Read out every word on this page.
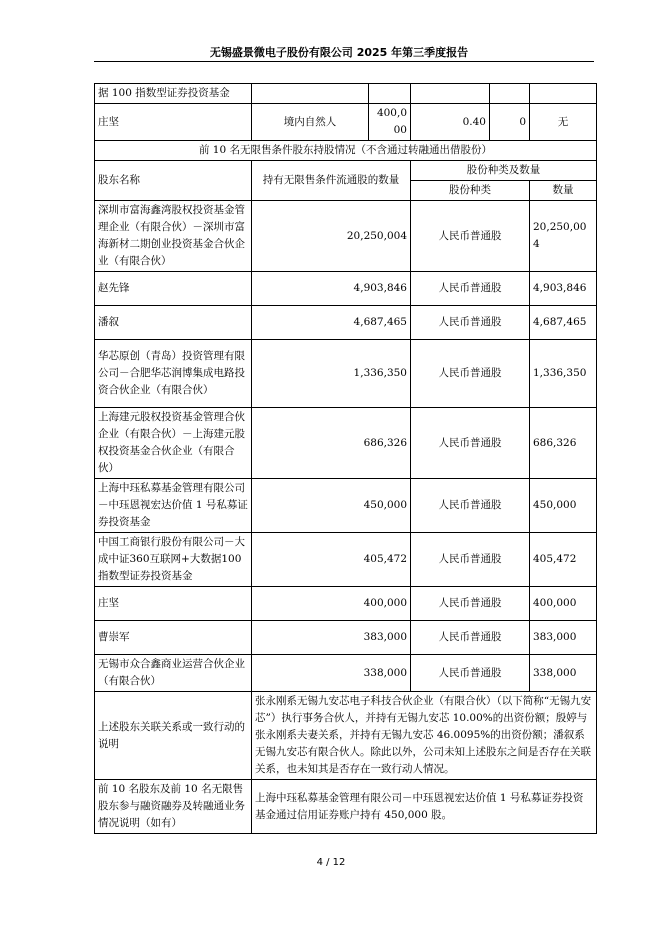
无锡盛景微电子股份有限公司 2025 年第三季度报告
据 100 指数型证券投资基金						
庄坚	境内自然人	400,000	0.40	0	无	
前 10 名无限售条件股东持股情况（不含通过转融通出借股份）						
股东名称	持有无限售条件流通股的数量		股份种类及数量			
			股份种类		数量	
深圳市富海鑫湾股权投资基金管理企业（有限合伙）－深圳市富海新材二期创业投资基金合伙企业（有限合伙）	20,250,004		人民币普通股		20,250,004	
赵先锋	4,903,846		人民币普通股		4,903,846	
潘叙	4,687,465		人民币普通股		4,687,465	
华芯原创（青岛）投资管理有限公司－合肥华芯润博集成电路投资合伙企业（有限合伙）	1,336,350		人民币普通股		1,336,350	
上海建元股权投资基金管理合伙企业（有限合伙）－上海建元股权投资基金合伙企业（有限合伙）	686,326		人民币普通股		686,326	
上海中珏私募基金管理有限公司－中珏恩视宏达价值 1 号私募证券投资基金	450,000		人民币普通股		450,000	
中国工商银行股份有限公司－大成中证360互联网+大数据100指数型证券投资基金	405,472		人民币普通股		405,472	
庄坚	400,000		人民币普通股		400,000	
曹崇军	383,000		人民币普通股		383,000	
无锡市众合鑫商业运营合伙企业（有限合伙）	338,000		人民币普通股		338,000	
上述股东关联关系或一致行动的说明	张永刚系无锡九安芯电子科技合伙企业（有限合伙）（以下简称“无锡九安芯”）执行事务合伙人，并持有无锡九安芯 10.00%的出资份额；殷婷与张永刚系夫妻关系，并持有无锡九安芯 46.0095%的出资份额；潘叙系无锡九安芯有限合伙人。除此以外，公司未知上述股东之间是否存在关联关系，也未知其是否存在一致行动人情况。					
前 10 名股东及前 10 名无限售股东参与融资融券及转融通业务情况说明（如有）	上海中珏私募基金管理有限公司－中珏恩视宏达价值 1 号私募证券投资基金通过信用证券账户持有 450,000 股。					
4 / 12
